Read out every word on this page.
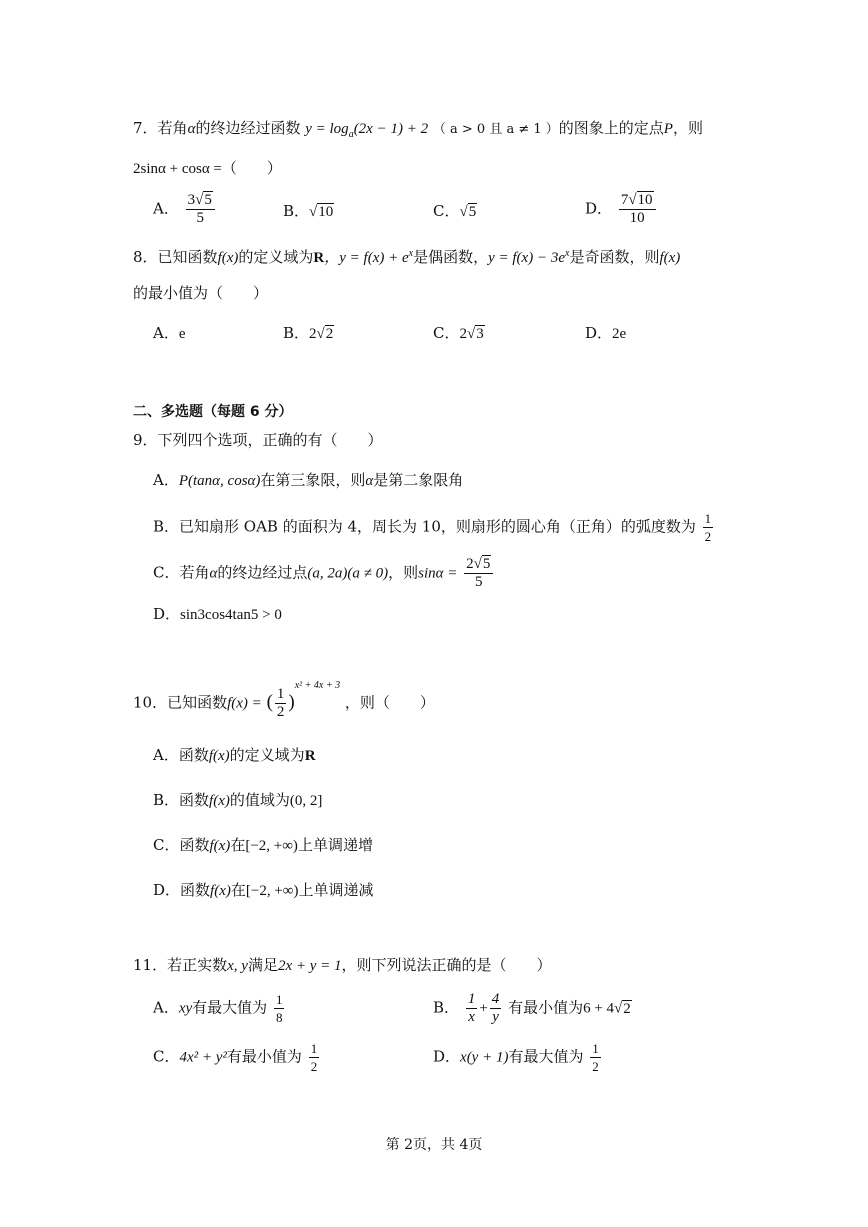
7．若角α的终边经过函数 $y = \log_a(2x - 1) + 2$ （ a > 0 且 a ≠ 1 ）的图象上的定点P，则
2sinα + cosα =（　　）
A． $\frac{3√5}{5}$	B．√10	C．√5	D． $\frac{7√10}{10}$
8．已知函数f(x)的定义域为R，$y = f(x) + e^x$是偶函数，$y = f(x) - 3e^x$是奇函数，则f(x)
的最小值为（　　）
A．e	B．2√2	C．2√3	D．2e
二、多选题（每题 6 分）
9．下列四个选项，正确的有（　　）
A．P(tanα, cosα)在第三象限，则α是第二象限角
B．已知扇形 OAB 的面积为 4，周长为 10，则扇形的圆心角（正角）的弧度数为 $\frac{1}{2}$
C．若角α的终边经过点(a, 2a)(a ≠ 0)，则$\sin\alpha = \frac{2√5}{5}$
D．sin3cos4tan5 > 0
10．已知函数f(x) = ( $\frac{1}{2} )^{x^2 + 4x + 3}$ ，则（　　）
A．函数f(x)的定义域为R
B．函数f(x)的值域为(0, 2]
C．函数f(x)在[−2, +∞)上单调递增
D．函数f(x)在[−2, +∞)上单调递减
11．若正实数x, y满足2x + y = 1，则下列说法正确的是（　　）
A．xy有最大值为 $\frac{1}{8}$	B． $\frac{1}{x} + \frac{4}{y}$ 有最小值为6 + 4√2
C．4x² + y²有最小值为 $\frac{1}{2}$	D．x(y + 1)有最大值为 $\frac{1}{2}$
第 2页，共 4页
